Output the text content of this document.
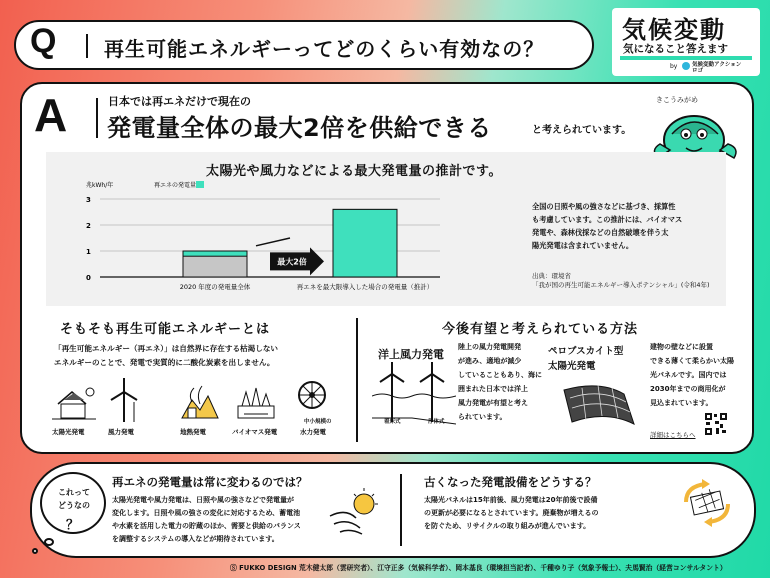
Q 再生可能エネルギーってどのくらい有効なの？
気候変動
気になること答えます
by	気候変動アクションロゴ
A	日本では再エネだけで現在の
発電量全体の最大2倍を供給できる	と考えられています。
きこうみがめ
太陽光や風力などによる最大発電量の推計です。
兆kWh/年	再エネの発電量
0
1
2
3
2020 年度の発電量全体	再エネを最大限導入した場合の発電量（推計）
最大2倍
全国の日照や風の強さなどに基づき、採算性
も考慮しています。この推計には、バイオマス
発電や、森林伐採などの自然破壊を伴う太
陽光発電は含まれていません。
出典：環境省
「我が国の再生可能エネルギー導入ポテンシャル」(令和4年)
そもそも再生可能エネルギーとは
「再生可能エネルギー（再エネ）」は自然界に存在する枯渇しない
エネルギーのことで、発電で実質的に二酸化炭素を出しません。
太陽光発電	風力発電	地熱発電	バイオマス発電
中小規模の
水力発電
今後有望と考えられている方法
洋上風力発電
陸上の風力発電開発
が進み、適地が減少
していることもあり、海に
囲まれた日本では洋上
風力発電が有望と考え
られています。
着床式	浮体式
ペロブスカイト型
太陽光発電
建物の壁などに設置
できる薄くて柔らかい太陽
光パネルです。国内では
2030年までの商用化が
見込まれています。
詳細はこちらへ
これって
どうなの
？
再エネの発電量は常に変わるのでは？
太陽光発電や風力発電は、日照や風の強さなどで発電量が
変化します。日照や風の強さの変化に対応するため、蓄電池
や水素を活用した電力の貯蔵のほか、需要と供給のバランス
を調整するシステムの導入などが期待されています。
古くなった発電設備をどうする？
太陽光パネルは15年前後、風力発電は20年前後で設備
の更新が必要になるとされています。廃棄物が増えるの
を防ぐため、リサイクルの取り組みが進んでいます。
Ⓢ FUKKO DESIGN 荒木健太郎（雲研究者）、江守正多（気候科学者）、岡本基良（環境担当記者）、千種ゆり子（気象予報士）、夫馬賢治（経営コンサルタント）
